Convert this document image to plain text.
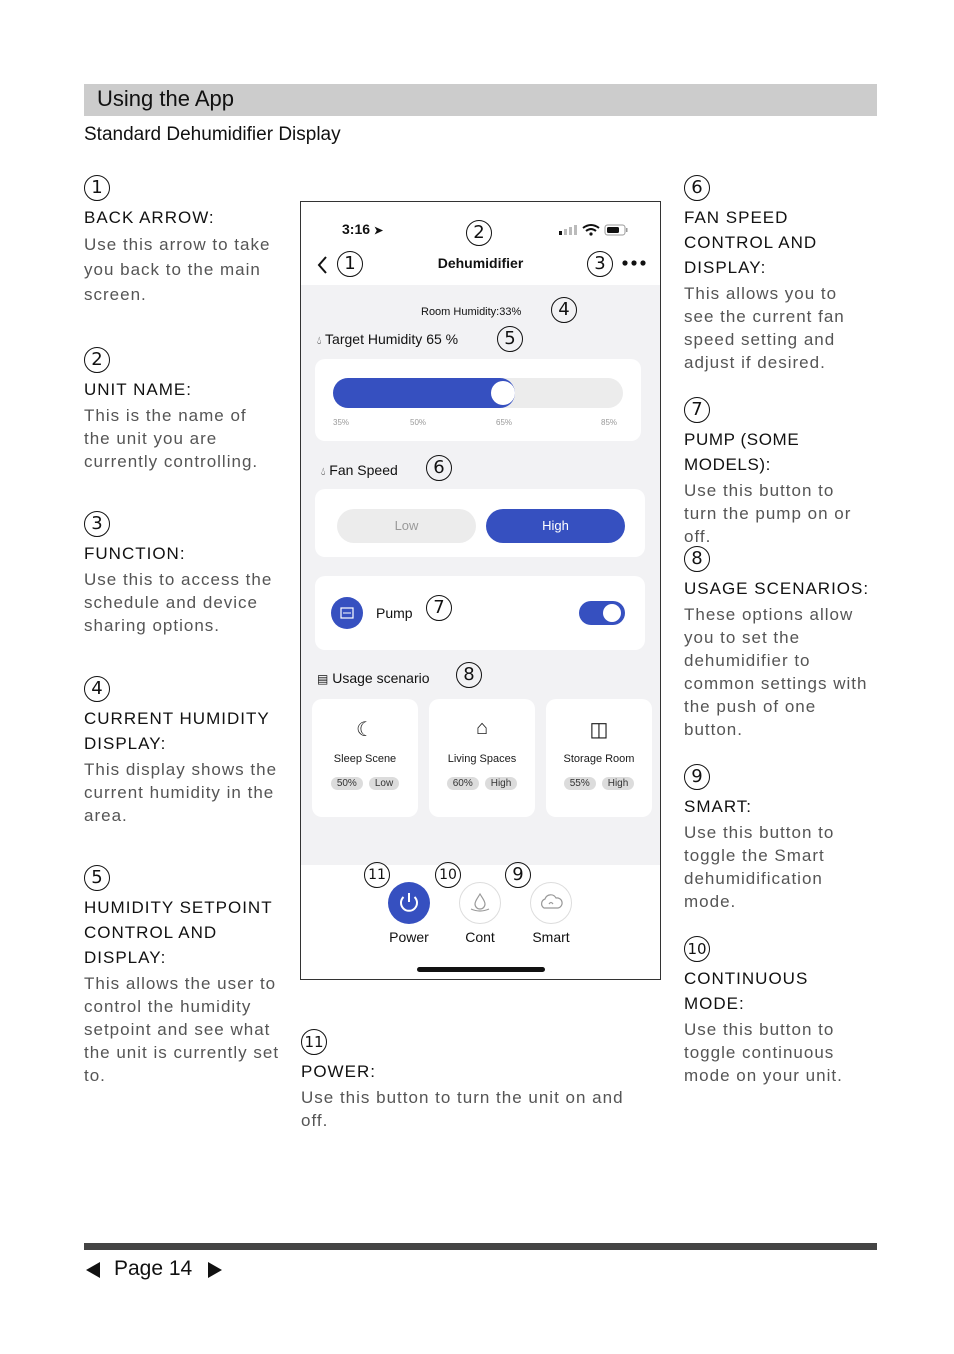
Using the App
Standard Dehumidifier Display
1
BACK ARROW:

Use this arrow to take you back to the main screen.

2
UNIT NAME:

This is the name of the unit you are currently controlling.

3
FUNCTION:

Use this to access the schedule and device sharing options.

4
CURRENT HUMIDITY DISPLAY:

This display shows the current humidity in the area.

5
HUMIDITY SETPOINT CONTROL AND DISPLAY:

This allows the user to control the humidity setpoint and see what the unit is currently set to.

6
FAN SPEED CONTROL AND DISPLAY:

This allows you to see the current fan speed setting and adjust if desired.

7
PUMP (SOME MODELS):

Use this button to turn the pump on or off.

8
USAGE SCENARIOS:

These options allow you to set the dehumidifier to common settings with the push of one button.

9
SMART:

Use this button to toggle the Smart dehumidification mode.

10
CONTINUOUS MODE:

Use this button to toggle continuous mode on your unit.

11
POWER:

Use this button to turn the unit on and off.

3:16 ➤
1
2
Dehumidifier	3
Room Humidity:33%	4
💧︎ Target Humidity 65 %	5
35%	50%	65%	85%
💧︎ Fan Speed	6
Low	High
Pump	7
▤ Usage scenario	8
☾
Sleep Scene
50% Low
⌂
Living Spaces
60% High
◫
Storage Room
55% High
11	10	9
Power	Cont	Smart
Page 14
